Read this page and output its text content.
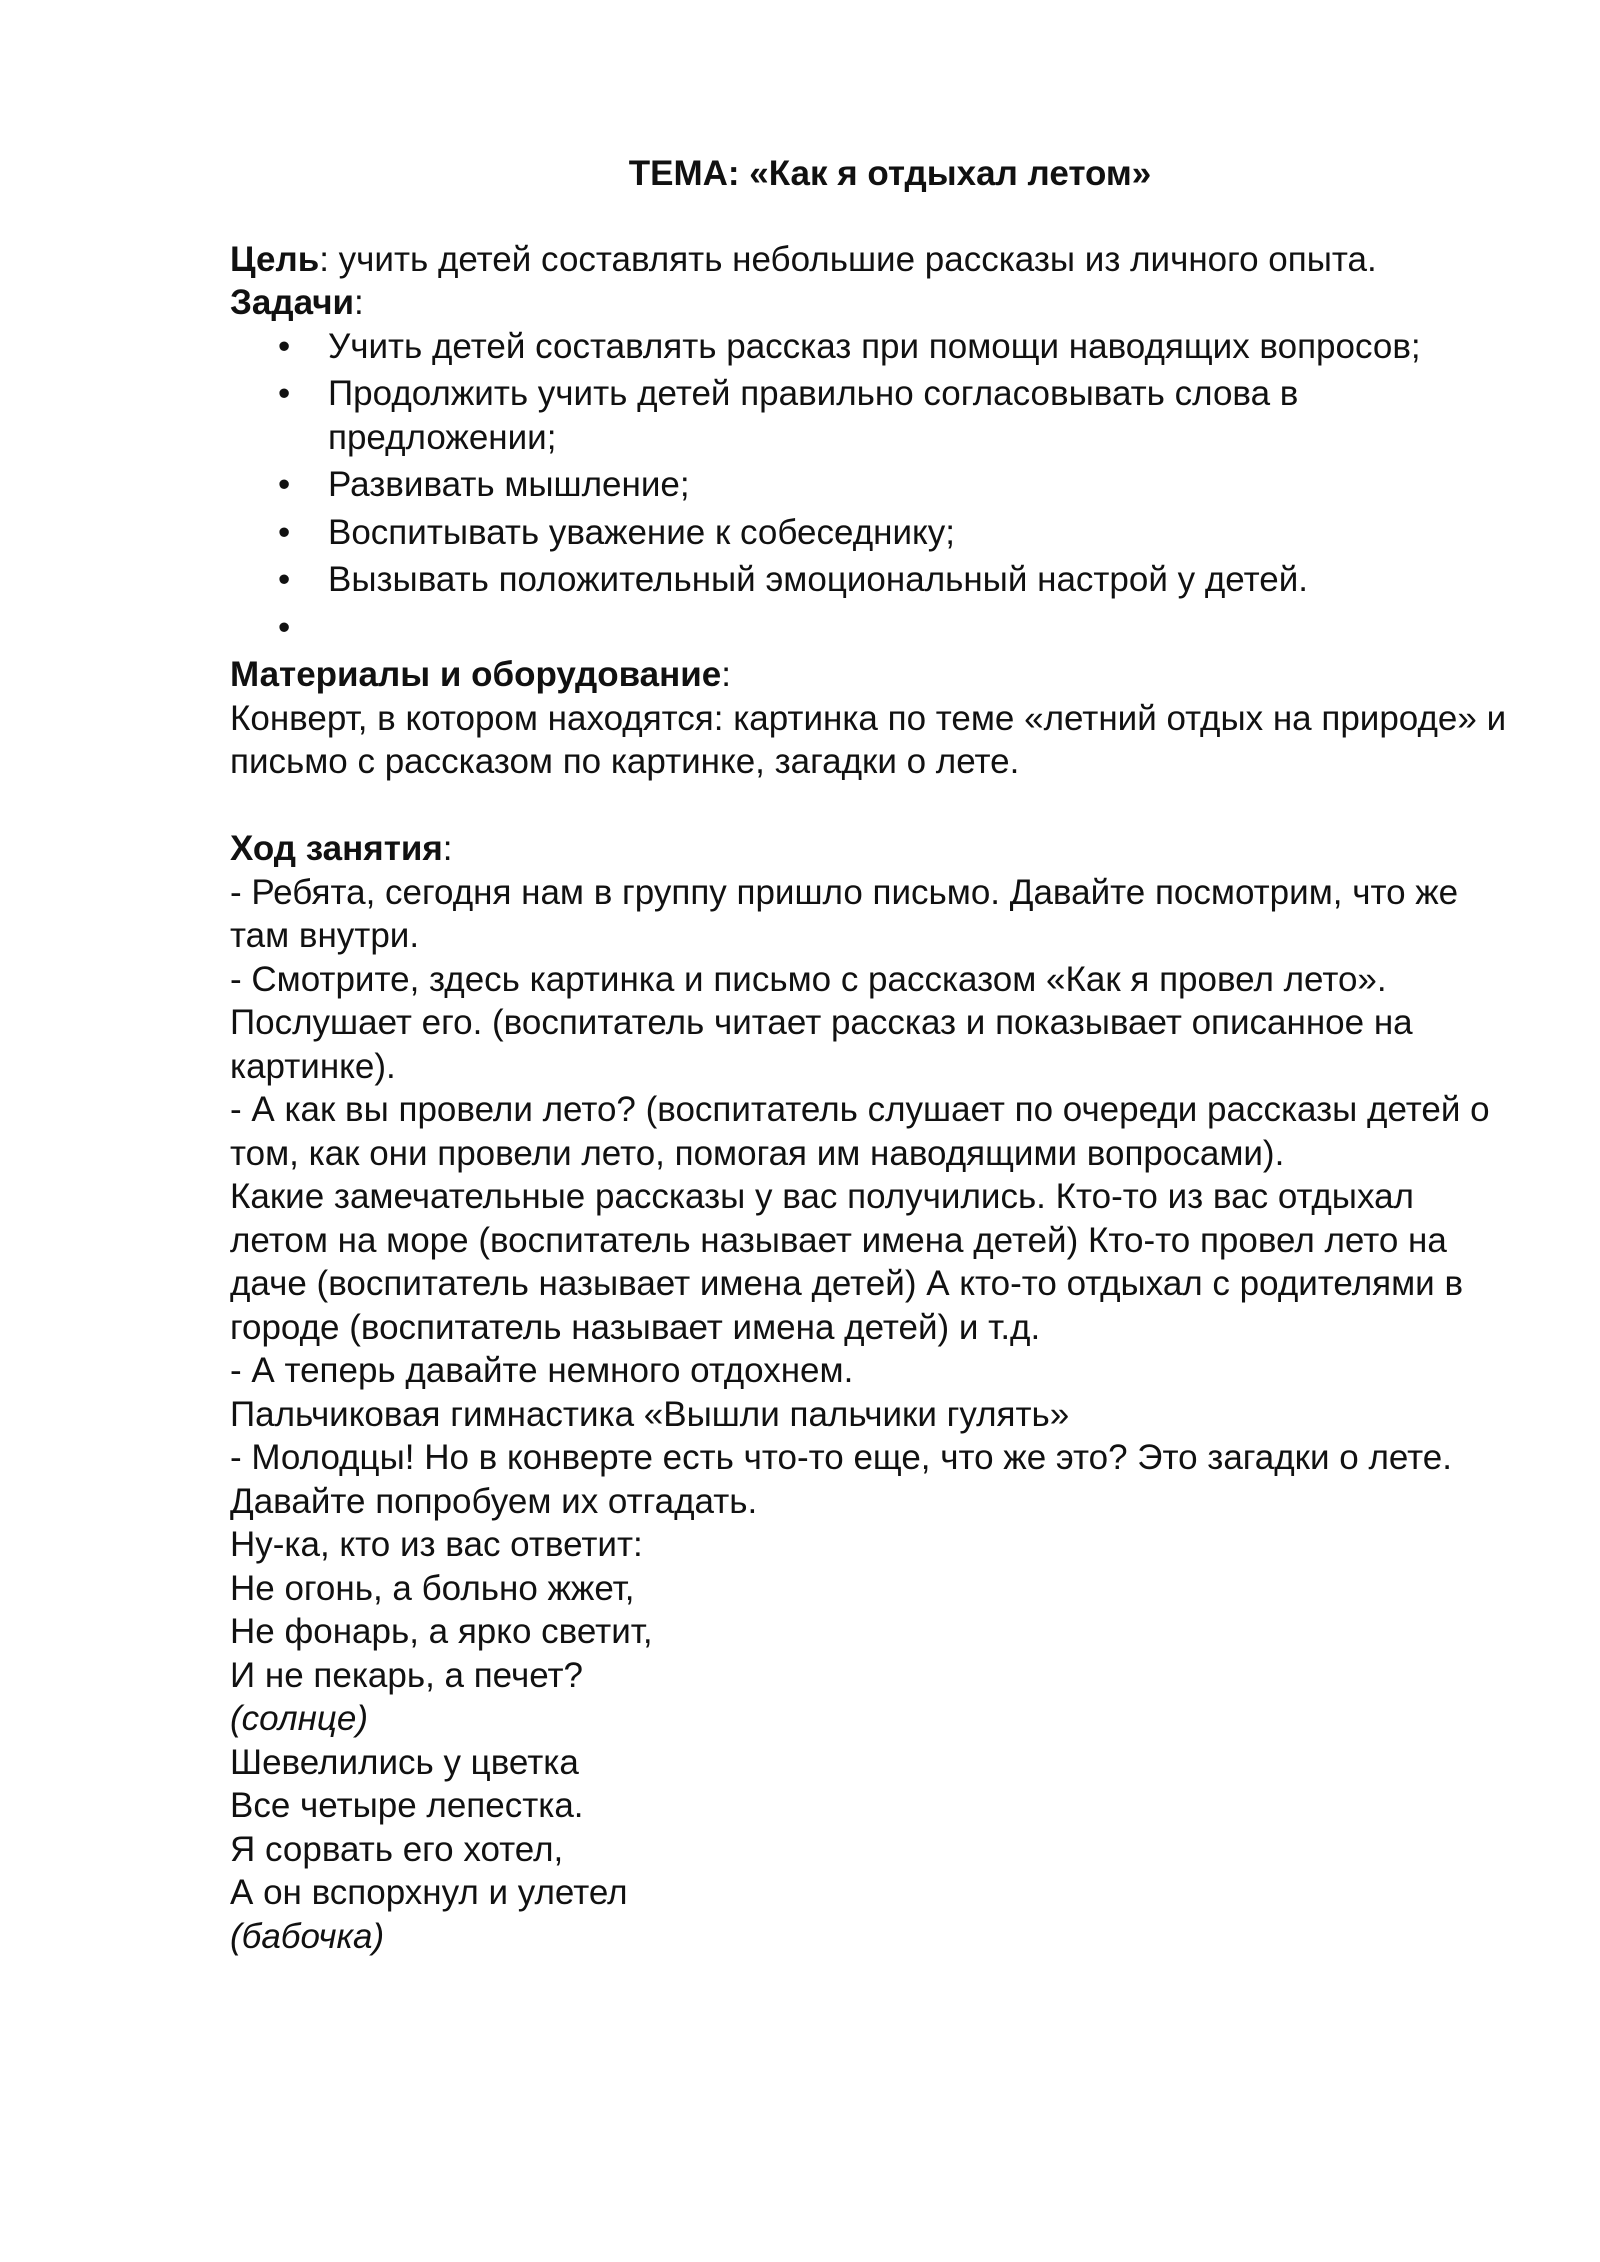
ТЕМА: «Как я отдыхал летом»

Цель: учить детей составлять небольшие рассказы из личного опыта.

Задачи:

• Учить детей составлять рассказ при помощи наводящих вопросов;
• Продолжить учить детей правильно согласовывать слова в предложении;
• Развивать мышление;
• Воспитывать уважение к собеседнику;
• Вызывать положительный эмоциональный настрой у детей.
•

Материалы и оборудование:

Конверт, в котором находятся: картинка по теме «летний отдых на природе» и письмо с рассказом по картинке, загадки о лете.

Ход занятия:

- Ребята, сегодня нам в группу пришло письмо. Давайте посмотрим, что же там внутри.

- Смотрите, здесь картинка и письмо с рассказом «Как я провел лето». Послушает его. (воспитатель читает рассказ и показывает описанное на картинке).

- А как вы провели лето? (воспитатель слушает по очереди рассказы детей о том, как они провели лето, помогая им наводящими вопросами).

Какие замечательные рассказы у вас получились. Кто-то из вас отдыхал летом на море (воспитатель называет имена детей) Кто-то провел лето на даче (воспитатель называет имена детей) А кто-то отдыхал с родителями в городе (воспитатель называет имена детей) и т.д.

- А теперь давайте немного отдохнем.

Пальчиковая гимнастика «Вышли пальчики гулять»

- Молодцы! Но в конверте есть что-то еще, что же это? Это загадки о лете. Давайте попробуем их отгадать.

Ну-ка, кто из вас ответит:

Не огонь, а больно жжет,

Не фонарь, а ярко светит,

И не пекарь, а печет?

(солнце)

Шевелились у цветка

Все четыре лепестка.

Я сорвать его хотел,

А он вспорхнул и улетел

(бабочка)
